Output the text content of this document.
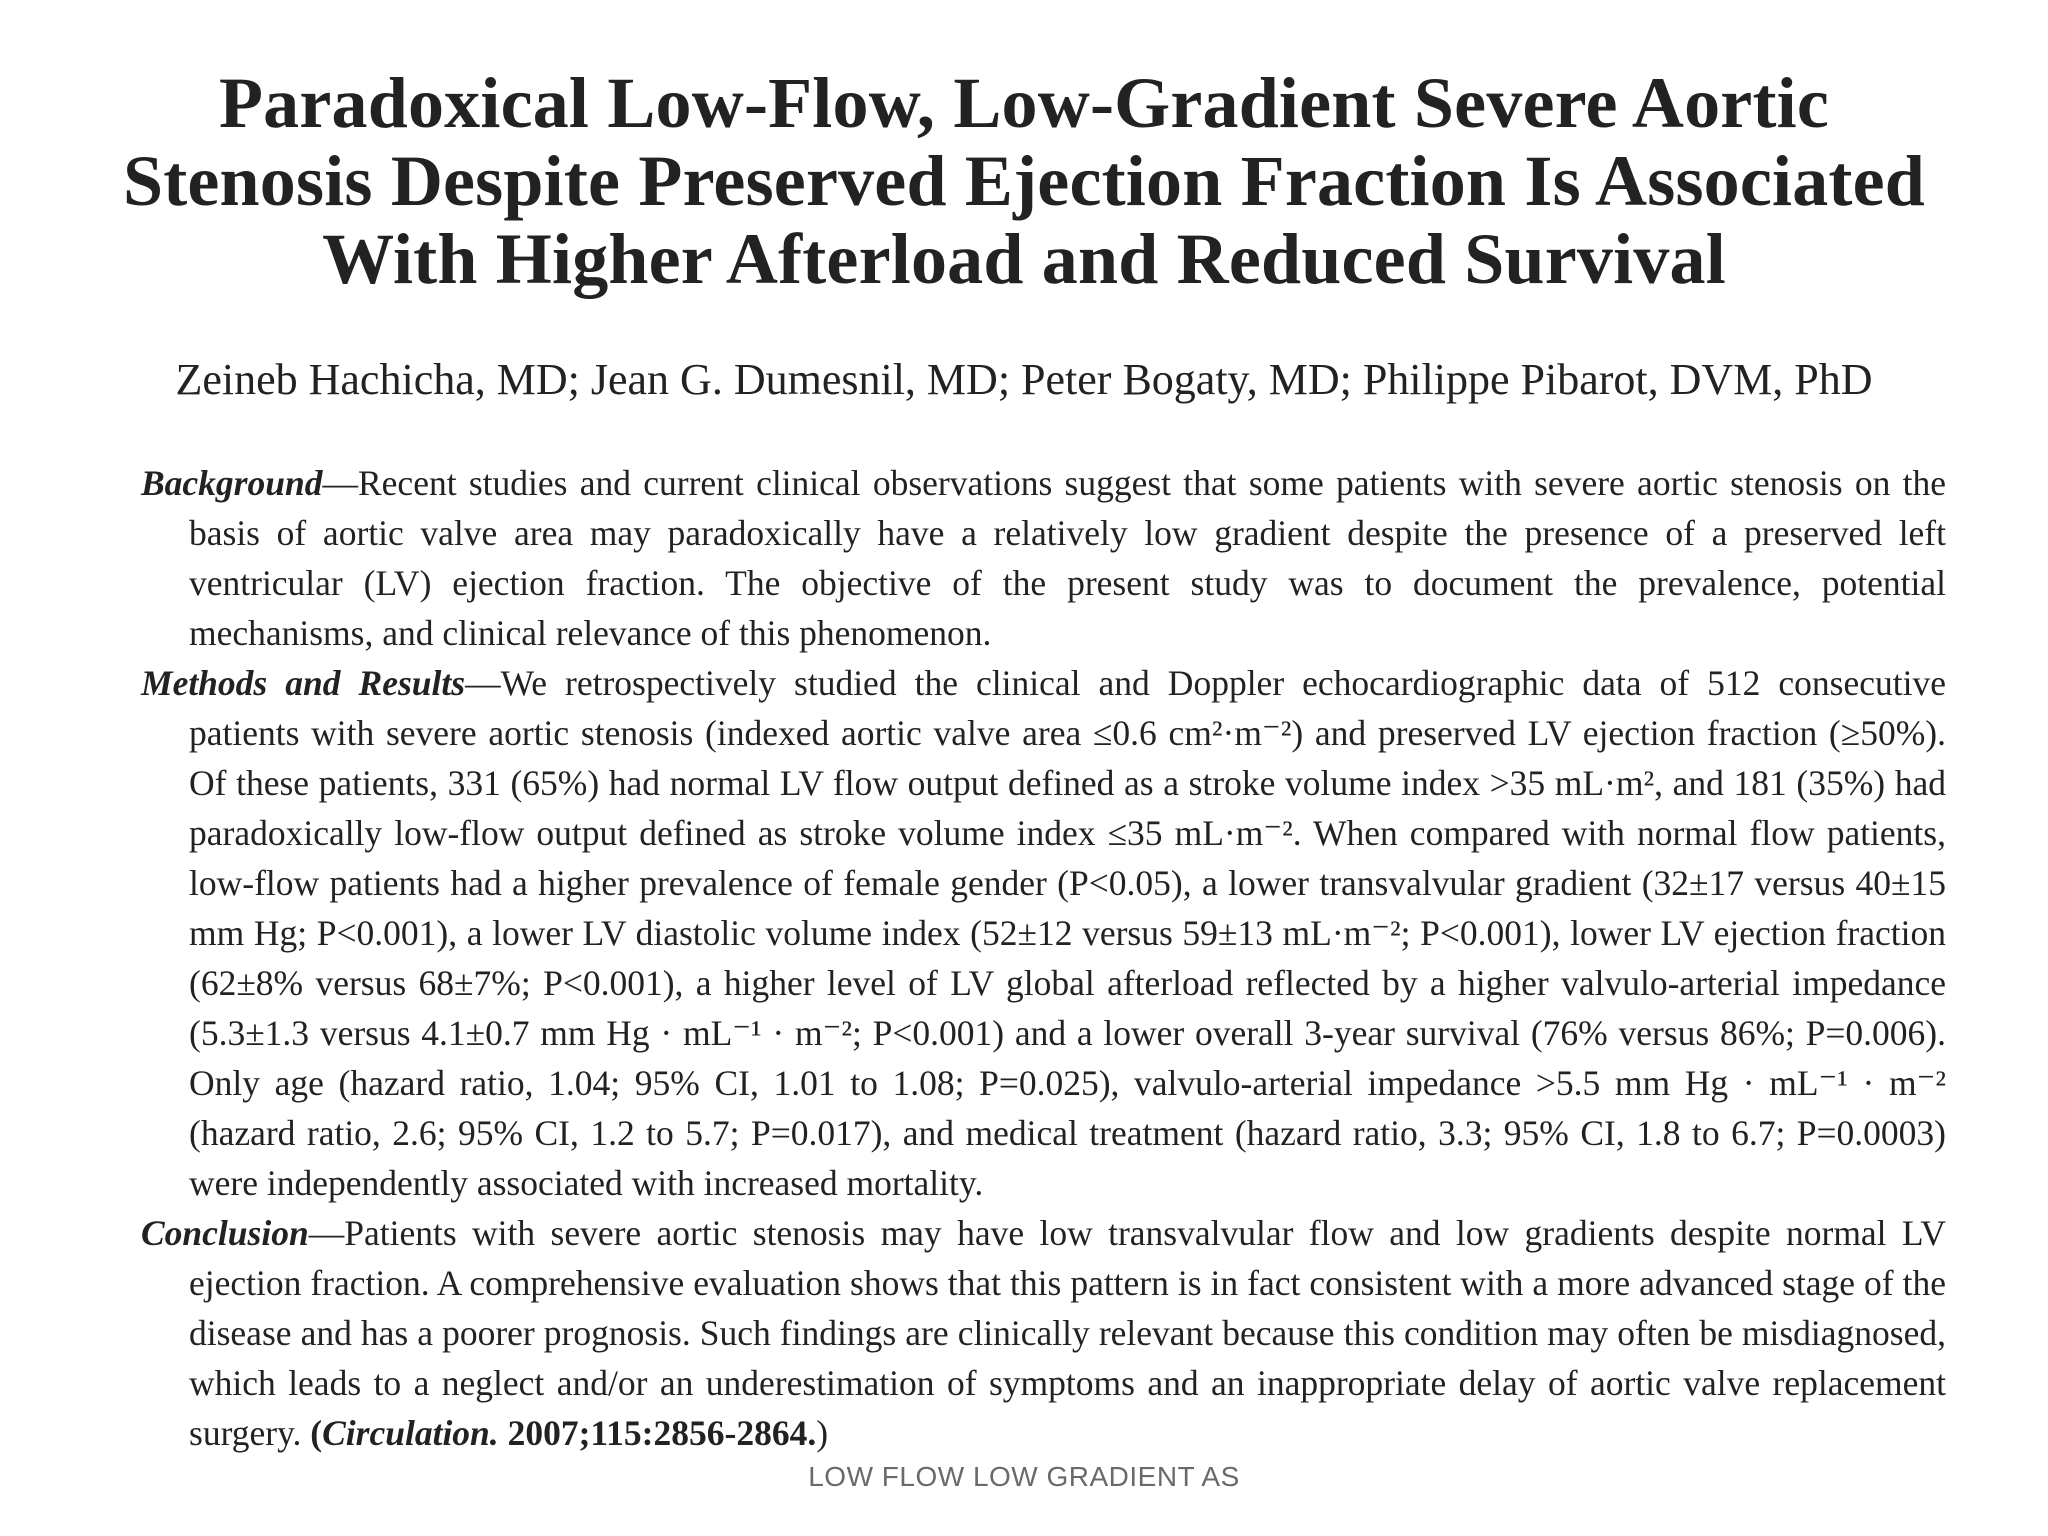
Paradoxical Low-Flow, Low-Gradient Severe Aortic Stenosis Despite Preserved Ejection Fraction Is Associated With Higher Afterload and Reduced Survival
Zeineb Hachicha, MD; Jean G. Dumesnil, MD; Peter Bogaty, MD; Philippe Pibarot, DVM, PhD

Background—Recent studies and current clinical observations suggest that some patients with severe aortic stenosis on the basis of aortic valve area may paradoxically have a relatively low gradient despite the presence of a preserved left ventricular (LV) ejection fraction. The objective of the present study was to document the prevalence, potential mechanisms, and clinical relevance of this phenomenon.

Methods and Results—We retrospectively studied the clinical and Doppler echocardiographic data of 512 consecutive patients with severe aortic stenosis (indexed aortic valve area ≤0.6 cm²·m⁻²) and preserved LV ejection fraction (≥50%). Of these patients, 331 (65%) had normal LV flow output defined as a stroke volume index >35 mL·m², and 181 (35%) had paradoxically low-flow output defined as stroke volume index ≤35 mL·m⁻². When compared with normal flow patients, low-flow patients had a higher prevalence of female gender (P<0.05), a lower transvalvular gradient (32±17 versus 40±15 mm Hg; P<0.001), a lower LV diastolic volume index (52±12 versus 59±13 mL·m⁻²; P<0.001), lower LV ejection fraction (62±8% versus 68±7%; P<0.001), a higher level of LV global afterload reflected by a higher valvulo-arterial impedance (5.3±1.3 versus 4.1±0.7 mm Hg · mL⁻¹ · m⁻²; P<0.001) and a lower overall 3-year survival (76% versus 86%; P=0.006). Only age (hazard ratio, 1.04; 95% CI, 1.01 to 1.08; P=0.025), valvulo-arterial impedance >5.5 mm Hg · mL⁻¹ · m⁻² (hazard ratio, 2.6; 95% CI, 1.2 to 5.7; P=0.017), and medical treatment (hazard ratio, 3.3; 95% CI, 1.8 to 6.7; P=0.0003) were independently associated with increased mortality.

Conclusion—Patients with severe aortic stenosis may have low transvalvular flow and low gradients despite normal LV ejection fraction. A comprehensive evaluation shows that this pattern is in fact consistent with a more advanced stage of the disease and has a poorer prognosis. Such findings are clinically relevant because this condition may often be misdiagnosed, which leads to a neglect and/or an underestimation of symptoms and an inappropriate delay of aortic valve replacement surgery. (Circulation. 2007;115:2856-2864.)

LOW FLOW LOW GRADIENT AS
